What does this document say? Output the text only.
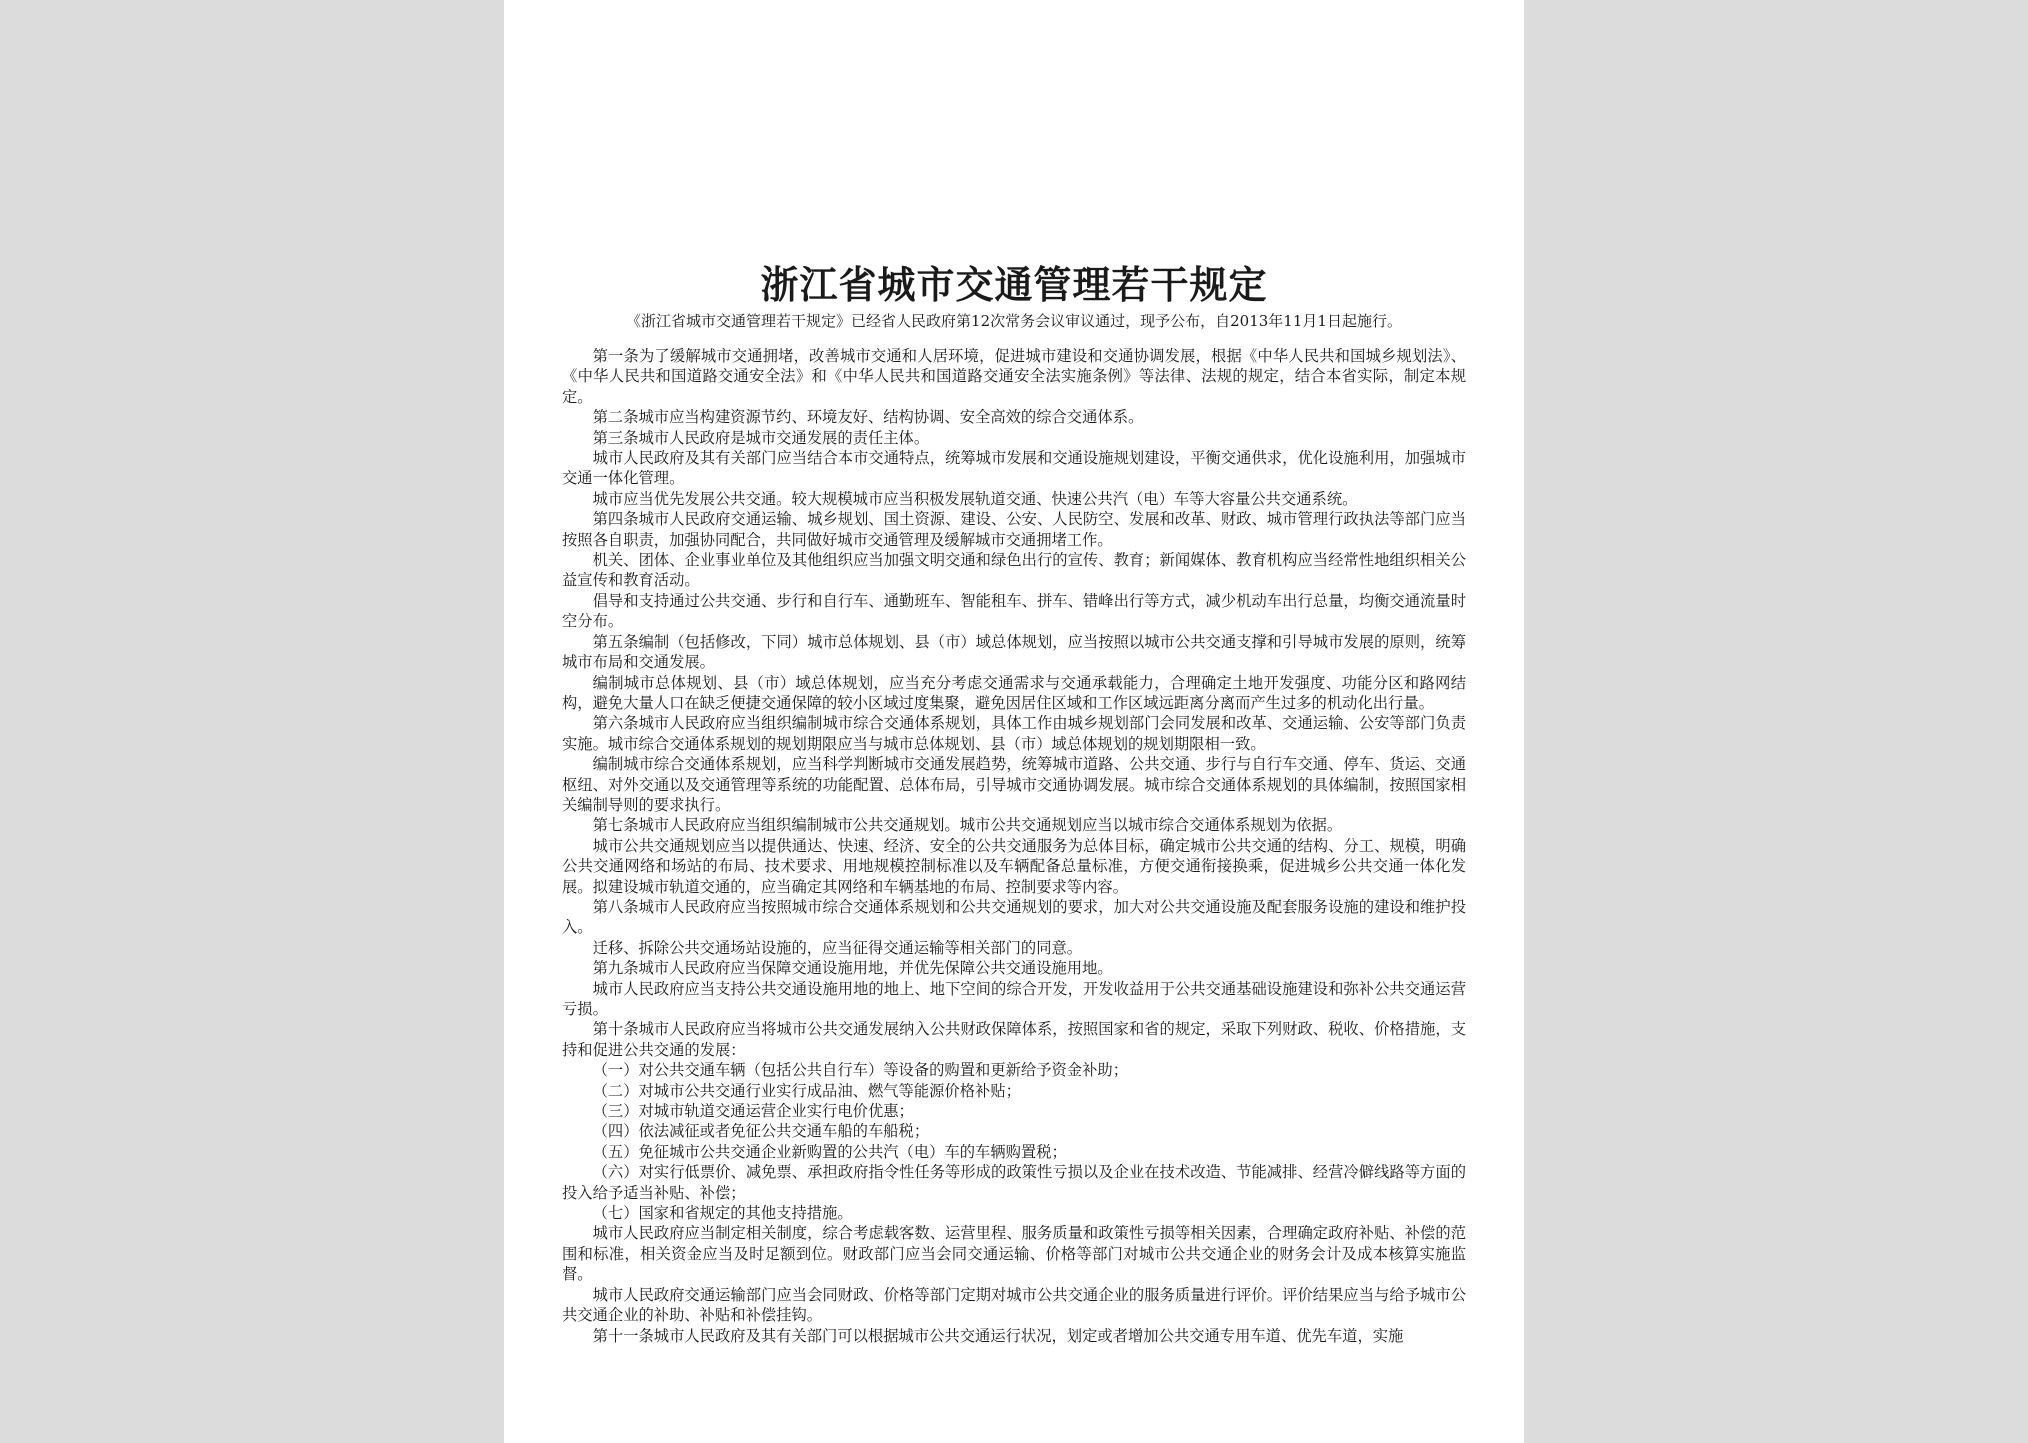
浙江省城市交通管理若干规定
《浙江省城市交通管理若干规定》已经省人民政府第12次常务会议审议通过，现予公布，自2013年11月1日起施行。

第一条为了缓解城市交通拥堵，改善城市交通和人居环境，促进城市建设和交通协调发展，根据《中华人民共和国城乡规划法》、《中华人民共和国道路交通安全法》和《中华人民共和国道路交通安全法实施条例》等法律、法规的规定，结合本省实际，制定本规定。

第二条城市应当构建资源节约、环境友好、结构协调、安全高效的综合交通体系。

第三条城市人民政府是城市交通发展的责任主体。

城市人民政府及其有关部门应当结合本市交通特点，统筹城市发展和交通设施规划建设，平衡交通供求，优化设施利用，加强城市交通一体化管理。

城市应当优先发展公共交通。较大规模城市应当积极发展轨道交通、快速公共汽（电）车等大容量公共交通系统。

第四条城市人民政府交通运输、城乡规划、国土资源、建设、公安、人民防空、发展和改革、财政、城市管理行政执法等部门应当按照各自职责，加强协同配合，共同做好城市交通管理及缓解城市交通拥堵工作。

机关、团体、企业事业单位及其他组织应当加强文明交通和绿色出行的宣传、教育；新闻媒体、教育机构应当经常性地组织相关公益宣传和教育活动。

倡导和支持通过公共交通、步行和自行车、通勤班车、智能租车、拼车、错峰出行等方式，减少机动车出行总量，均衡交通流量时空分布。

第五条编制（包括修改，下同）城市总体规划、县（市）域总体规划，应当按照以城市公共交通支撑和引导城市发展的原则，统筹城市布局和交通发展。

编制城市总体规划、县（市）域总体规划，应当充分考虑交通需求与交通承载能力，合理确定土地开发强度、功能分区和路网结构，避免大量人口在缺乏便捷交通保障的较小区域过度集聚，避免因居住区域和工作区域远距离分离而产生过多的机动化出行量。

第六条城市人民政府应当组织编制城市综合交通体系规划，具体工作由城乡规划部门会同发展和改革、交通运输、公安等部门负责实施。城市综合交通体系规划的规划期限应当与城市总体规划、县（市）域总体规划的规划期限相一致。

编制城市综合交通体系规划，应当科学判断城市交通发展趋势，统筹城市道路、公共交通、步行与自行车交通、停车、货运、交通枢纽、对外交通以及交通管理等系统的功能配置、总体布局，引导城市交通协调发展。城市综合交通体系规划的具体编制，按照国家相关编制导则的要求执行。

第七条城市人民政府应当组织编制城市公共交通规划。城市公共交通规划应当以城市综合交通体系规划为依据。

城市公共交通规划应当以提供通达、快速、经济、安全的公共交通服务为总体目标，确定城市公共交通的结构、分工、规模，明确公共交通网络和场站的布局、技术要求、用地规模控制标准以及车辆配备总量标准，方便交通衔接换乘，促进城乡公共交通一体化发展。拟建设城市轨道交通的，应当确定其网络和车辆基地的布局、控制要求等内容。

第八条城市人民政府应当按照城市综合交通体系规划和公共交通规划的要求，加大对公共交通设施及配套服务设施的建设和维护投入。

迁移、拆除公共交通场站设施的，应当征得交通运输等相关部门的同意。

第九条城市人民政府应当保障交通设施用地，并优先保障公共交通设施用地。

城市人民政府应当支持公共交通设施用地的地上、地下空间的综合开发，开发收益用于公共交通基础设施建设和弥补公共交通运营亏损。

第十条城市人民政府应当将城市公共交通发展纳入公共财政保障体系，按照国家和省的规定，采取下列财政、税收、价格措施，支持和促进公共交通的发展：

（一）对公共交通车辆（包括公共自行车）等设备的购置和更新给予资金补助；

（二）对城市公共交通行业实行成品油、燃气等能源价格补贴；

（三）对城市轨道交通运营企业实行电价优惠；

（四）依法减征或者免征公共交通车船的车船税；

（五）免征城市公共交通企业新购置的公共汽（电）车的车辆购置税；

（六）对实行低票价、减免票、承担政府指令性任务等形成的政策性亏损以及企业在技术改造、节能减排、经营冷僻线路等方面的投入给予适当补贴、补偿；

（七）国家和省规定的其他支持措施。

城市人民政府应当制定相关制度，综合考虑载客数、运营里程、服务质量和政策性亏损等相关因素，合理确定政府补贴、补偿的范围和标准，相关资金应当及时足额到位。财政部门应当会同交通运输、价格等部门对城市公共交通企业的财务会计及成本核算实施监督。

城市人民政府交通运输部门应当会同财政、价格等部门定期对城市公共交通企业的服务质量进行评价。评价结果应当与给予城市公共交通企业的补助、补贴和补偿挂钩。

第十一条城市人民政府及其有关部门可以根据城市公共交通运行状况，划定或者增加公共交通专用车道、优先车道，实施
